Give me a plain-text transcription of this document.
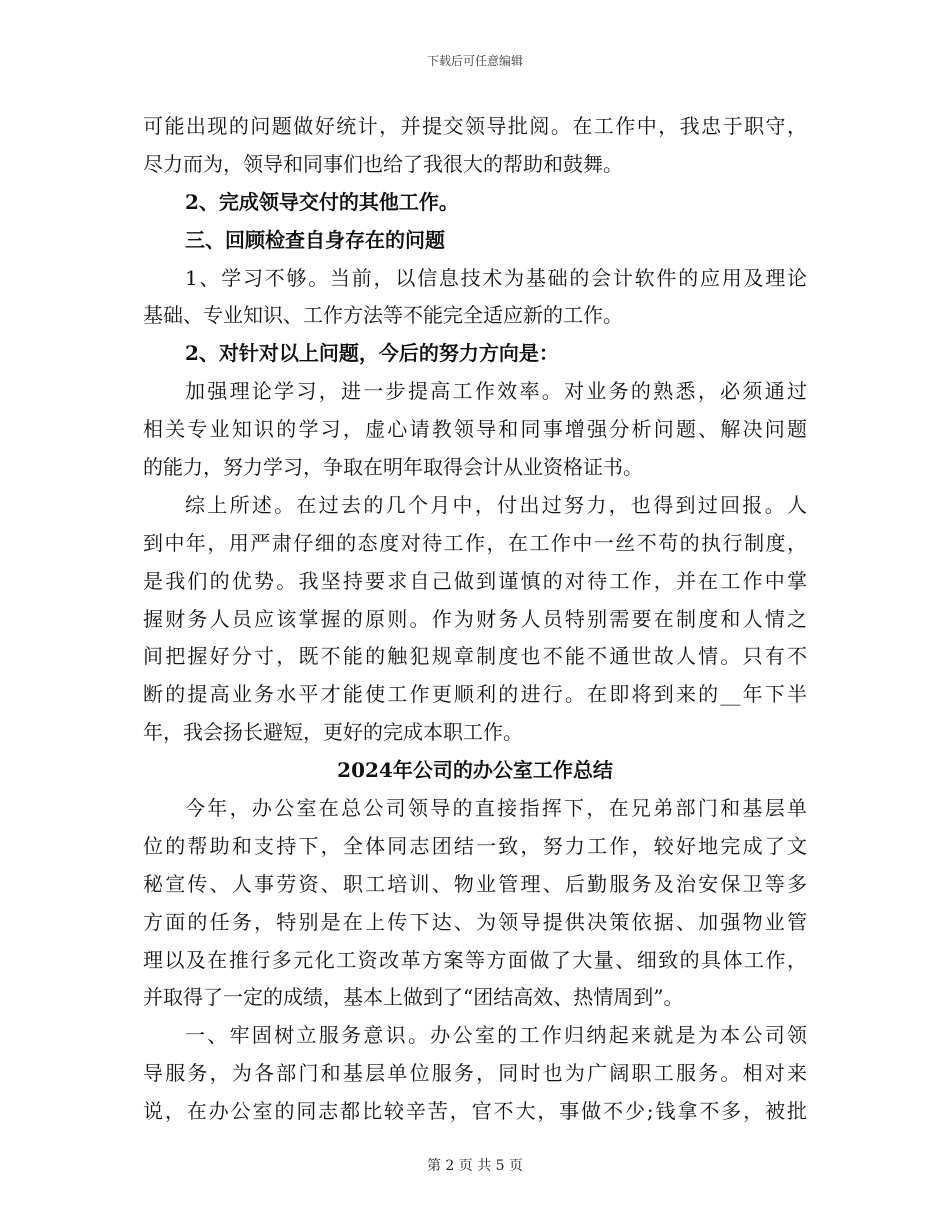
下载后可任意编辑
可能出现的问题做好统计，并提交领导批阅。在工作中，我忠于职守，
尽力而为，领导和同事们也给了我很大的帮助和鼓舞。
2、完成领导交付的其他工作。
三、回顾检查自身存在的问题
1、学习不够。当前，以信息技术为基础的会计软件的应用及理论
基础、专业知识、工作方法等不能完全适应新的工作。
2、对针对以上问题，今后的努力方向是：
加强理论学习，进一步提高工作效率。对业务的熟悉，必须通过
相关专业知识的学习，虚心请教领导和同事增强分析问题、解决问题
的能力，努力学习，争取在明年取得会计从业资格证书。
综上所述。在过去的几个月中，付出过努力，也得到过回报。人
到中年，用严肃仔细的态度对待工作，在工作中一丝不苟的执行制度，
是我们的优势。我坚持要求自己做到谨慎的对待工作，并在工作中掌
握财务人员应该掌握的原则。作为财务人员特别需要在制度和人情之
间把握好分寸，既不能的触犯规章制度也不能不通世故人情。只有不
断的提高业务水平才能使工作更顺利的进行。在即将到来的__年下半
年，我会扬长避短，更好的完成本职工作。
2024年公司的办公室工作总结
今年，办公室在总公司领导的直接指挥下，在兄弟部门和基层单
位的帮助和支持下，全体同志团结一致，努力工作，较好地完成了文
秘宣传、人事劳资、职工培训、物业管理、后勤服务及治安保卫等多
方面的任务，特别是在上传下达、为领导提供决策依据、加强物业管
理以及在推行多元化工资改革方案等方面做了大量、细致的具体工作，
并取得了一定的成绩，基本上做到了“团结高效、热情周到”。
一、牢固树立服务意识。办公室的工作归纳起来就是为本公司领
导服务，为各部门和基层单位服务，同时也为广阔职工服务。相对来
说，在办公室的同志都比较辛苦，官不大，事做不少;钱拿不多，被批
第 2 页 共 5 页
